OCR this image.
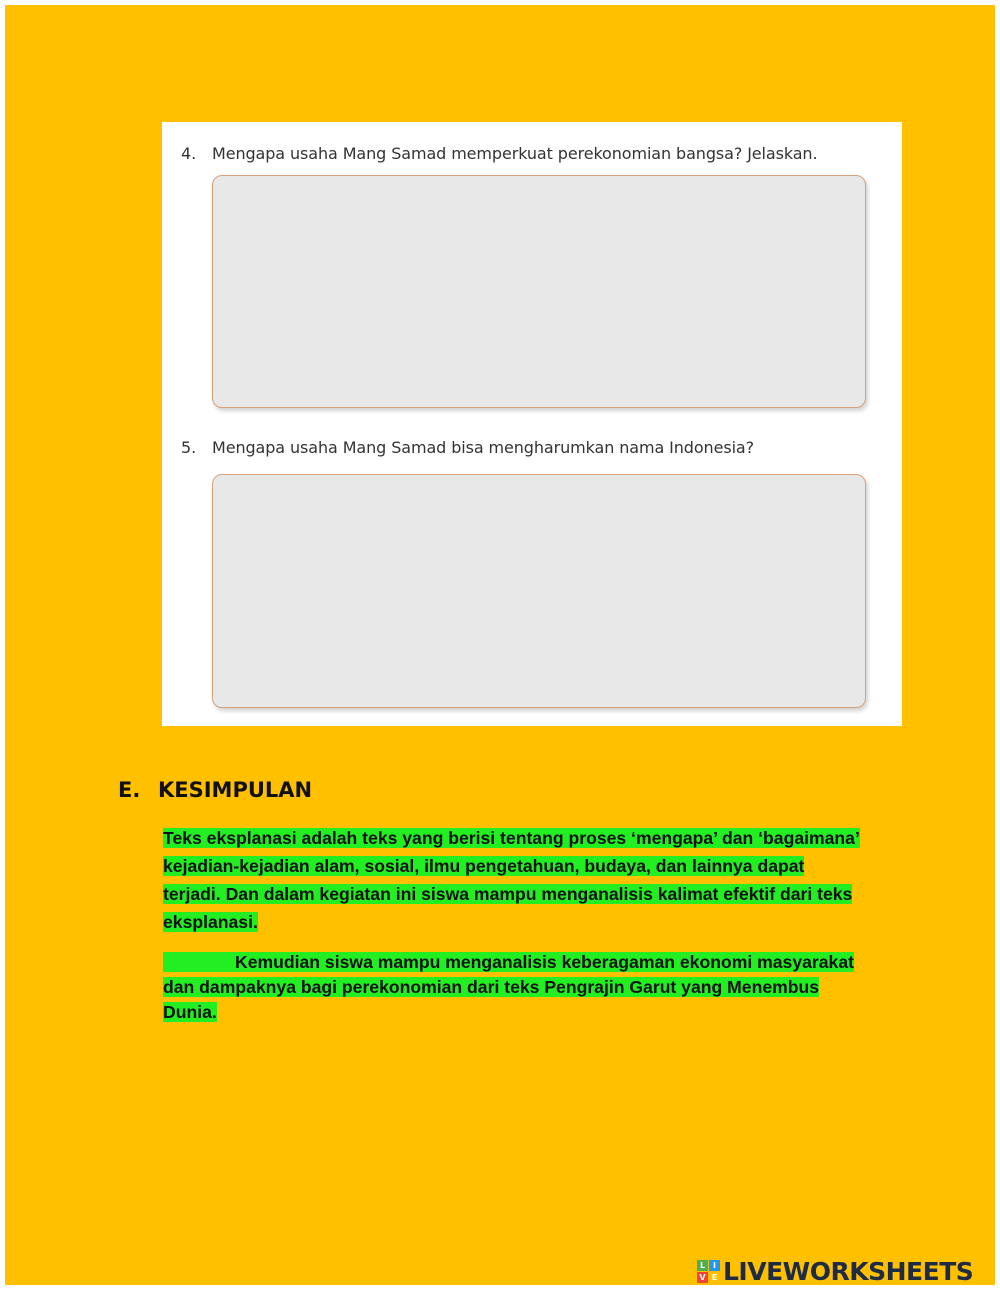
4. Mengapa usaha Mang Samad memperkuat perekonomian bangsa? Jelaskan.
5. Mengapa usaha Mang Samad bisa mengharumkan nama Indonesia?
E. KESIMPULAN
Teks eksplanasi adalah teks yang berisi tentang proses ‘mengapa’ dan ‘bagaimana’ kejadian-kejadian alam, sosial, ilmu pengetahuan, budaya, dan lainnya dapat terjadi. Dan dalam kegiatan ini siswa mampu menganalisis kalimat efektif dari teks eksplanasi.
Kemudian siswa mampu menganalisis keberagaman ekonomi masyarakat dan dampaknya bagi perekonomian dari teks Pengrajin Garut yang Menembus Dunia.
L I
V E LIVEWORKSHEETS
